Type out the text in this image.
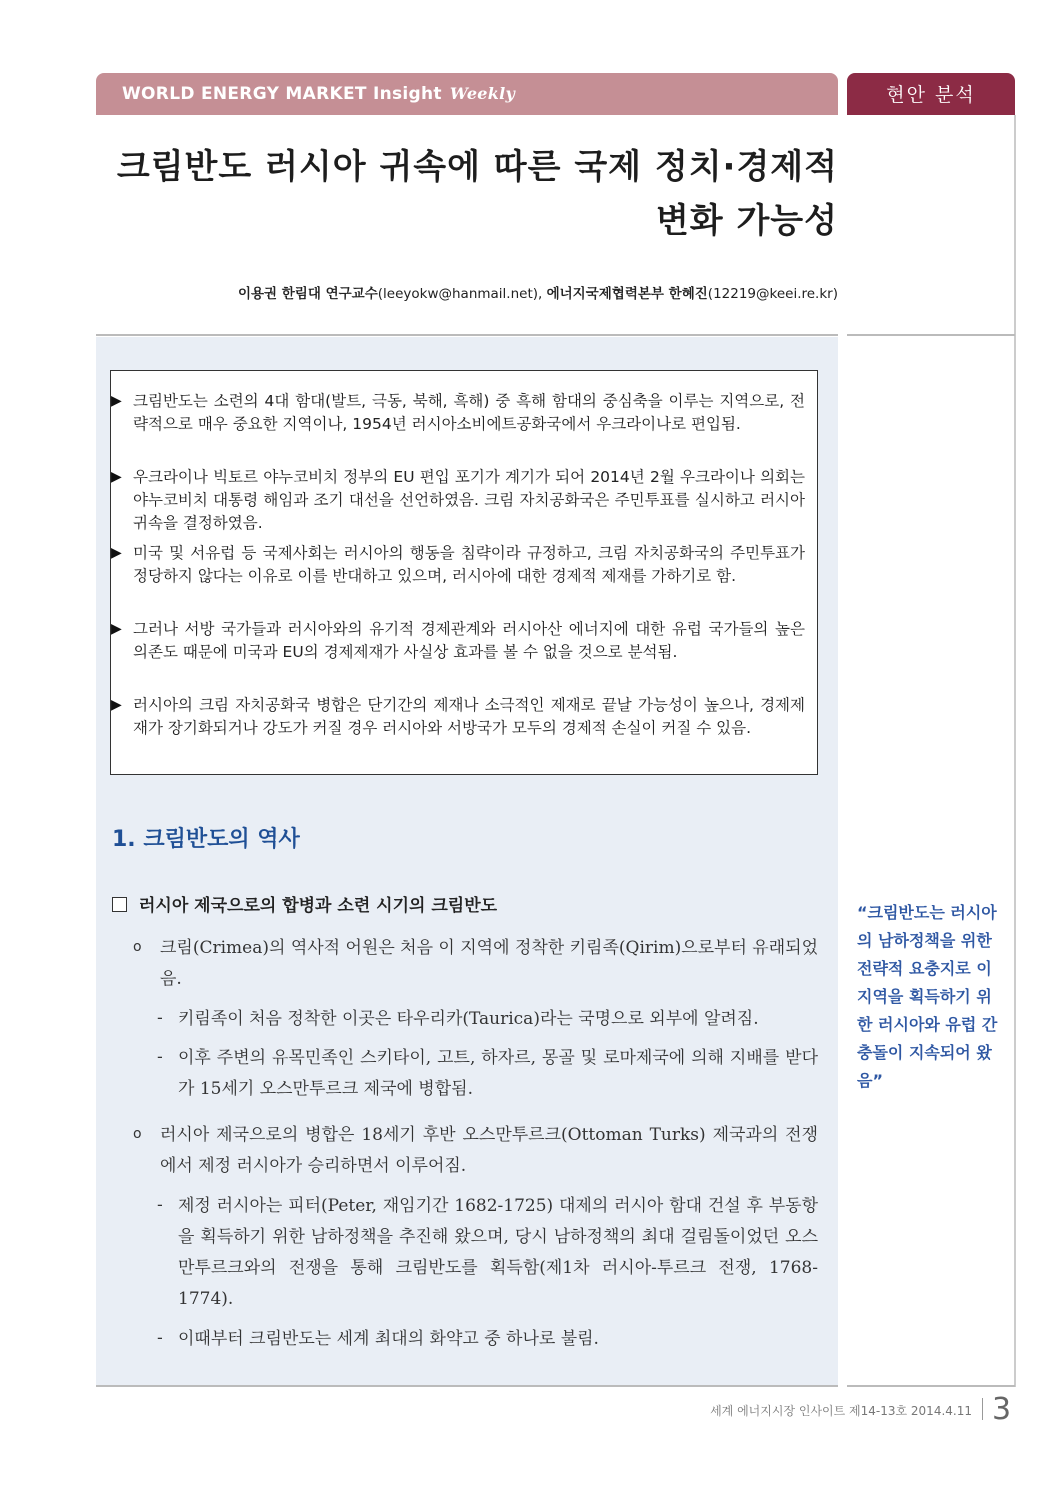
WORLD ENERGY MARKET Insight Weekly	현안 분석
크림반도 러시아 귀속에 따른 국제 정치·경제적
변화 가능성
이용권 한림대 연구교수(leeyokw@hanmail.net), 에너지국제협력본부 한혜진(12219@keei.re.kr)
▶ 크림반도는 소련의 4대 함대(발트, 극동, 북해, 흑해) 중 흑해 함대의 중심축을 이루는 지역으로, 전략적으로 매우 중요한 지역이나, 1954년 러시아소비에트공화국에서 우크라이나로 편입됨.
▶ 우크라이나 빅토르 야누코비치 정부의 EU 편입 포기가 계기가 되어 2014년 2월 우크라이나 의회는 야누코비치 대통령 해임과 조기 대선을 선언하였음. 크림 자치공화국은 주민투표를 실시하고 러시아 귀속을 결정하였음.
▶ 미국 및 서유럽 등 국제사회는 러시아의 행동을 침략이라 규정하고, 크림 자치공화국의 주민투표가 정당하지 않다는 이유로 이를 반대하고 있으며, 러시아에 대한 경제적 제재를 가하기로 함.
▶ 그러나 서방 국가들과 러시아와의 유기적 경제관계와 러시아산 에너지에 대한 유럽 국가들의 높은 의존도 때문에 미국과 EU의 경제제재가 사실상 효과를 볼 수 없을 것으로 분석됨.
▶ 러시아의 크림 자치공화국 병합은 단기간의 제재나 소극적인 제재로 끝날 가능성이 높으나, 경제제재가 장기화되거나 강도가 커질 경우 러시아와 서방국가 모두의 경제적 손실이 커질 수 있음.
1. 크림반도의 역사
러시아 제국으로의 합병과 소련 시기의 크림반도
o 크림(Crimea)의 역사적 어원은 처음 이 지역에 정착한 키림족(Qirim)으로부터 유래되었음.
- 키림족이 처음 정착한 이곳은 타우리카(Taurica)라는 국명으로 외부에 알려짐.
- 이후 주변의 유목민족인 스키타이, 고트, 하자르, 몽골 및 로마제국에 의해 지배를 받다가 15세기 오스만투르크 제국에 병합됨.
o 러시아 제국으로의 병합은 18세기 후반 오스만투르크(Ottoman Turks) 제국과의 전쟁에서 제정 러시아가 승리하면서 이루어짐.
- 제정 러시아는 피터(Peter, 재임기간 1682-1725) 대제의 러시아 함대 건설 후 부동항을 획득하기 위한 남하정책을 추진해 왔으며, 당시 남하정책의 최대 걸림돌이었던 오스만투르크와의 전쟁을 통해 크림반도를 획득함(제1차 러시아-투르크 전쟁, 1768-1774).
- 이때부터 크림반도는 세계 최대의 화약고 중 하나로 불림.
“크림반도는 러시아의 남하정책을 위한 전략적 요충지로 이 지역을 획득하기 위한 러시아와 유럽 간 충돌이 지속되어 왔음”
세계 에너지시장 인사이트 제14-13호 2014.4.11 3
